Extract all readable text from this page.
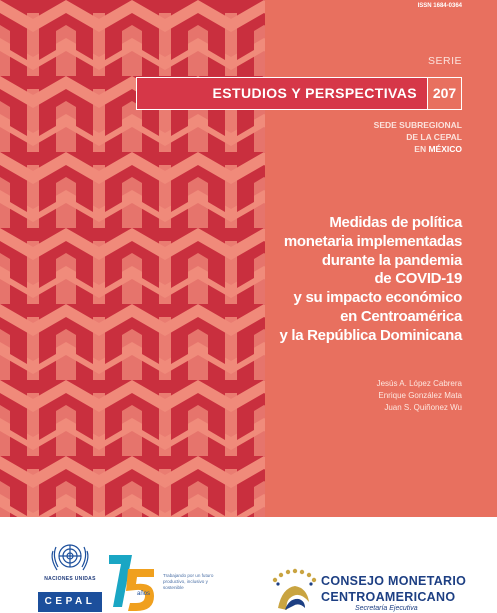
ISSN 1684-0364
SERIE
ESTUDIOS Y PERSPECTIVAS	207
SEDE SUBREGIONAL
DE LA CEPAL
EN MÉXICO
Medidas de política
monetaria implementadas
durante la pandemia
de COVID-19
y su impacto económico
en Centroamérica
y la República Dominicana
Jesús A. López Cabrera
Enrique González Mata
Juan S. Quiñonez Wu
NACIONES UNIDAS
CEPAL
años
Trabajando por un futuro productivo, inclusivo y sostenible	CONSEJO MONETARIO
CENTROAMERICANO
Secretaría Ejecutiva
